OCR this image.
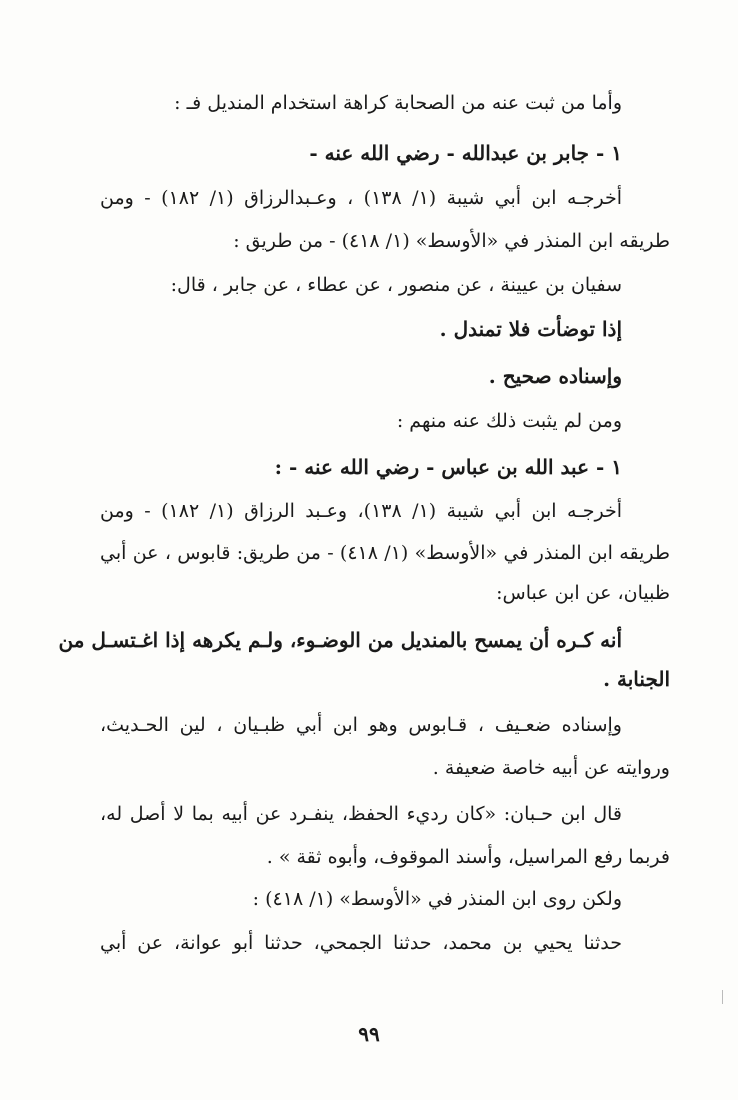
وأما من ثبت عنه من الصحابة كراهة استخدام المنديل فـ :
١ - جابر بن عبدالله - رضي الله عنه -
أخرجـه ابن أبي شيبة (١/ ١٣٨) ، وعـبدالرزاق (١/ ١٨٢) - ومن
طريقه ابن المنذر في «الأوسط» (١/ ٤١٨) - من طريق :
سفيان بن عيينة ، عن منصور ، عن عطاء ، عن جابر ، قال:
إذا توضأت فلا تمندل .
وإسناده صحيح .
ومن لم يثبت ذلك عنه منهم :
١ - عبد الله بن عباس - رضي الله عنه - :
أخرجـه ابن أبي شيبة (١/ ١٣٨)، وعـبد الرزاق (١/ ١٨٢) - ومن
طريقه ابن المنذر في «الأوسط» (١/ ٤١٨) - من طريق: قابوس ، عن أبي
ظبيان، عن ابن عباس:
أنه كـره أن يمسح بالمنديل من الوضـوء، ولـم يكرهه إذا اغـتسـل من
الجنابة .
وإسناده ضعـيف ، قـابوس وهو ابن أبي ظبـيان ، لين الحـديث،
وروايته عن أبيه خاصة ضعيفة .
قال ابن حـبان: «كان رديء الحفظ، ينفـرد عن أبيه بما لا أصل له،
فربما رفع المراسيل، وأسند الموقوف، وأبوه ثقة » .
ولكن روى ابن المنذر في «الأوسط» (١/ ٤١٨) :
حدثنا يحيي بن محمد، حدثنا الجمحي، حدثنا أبو عوانة، عن أبي
٩٩
